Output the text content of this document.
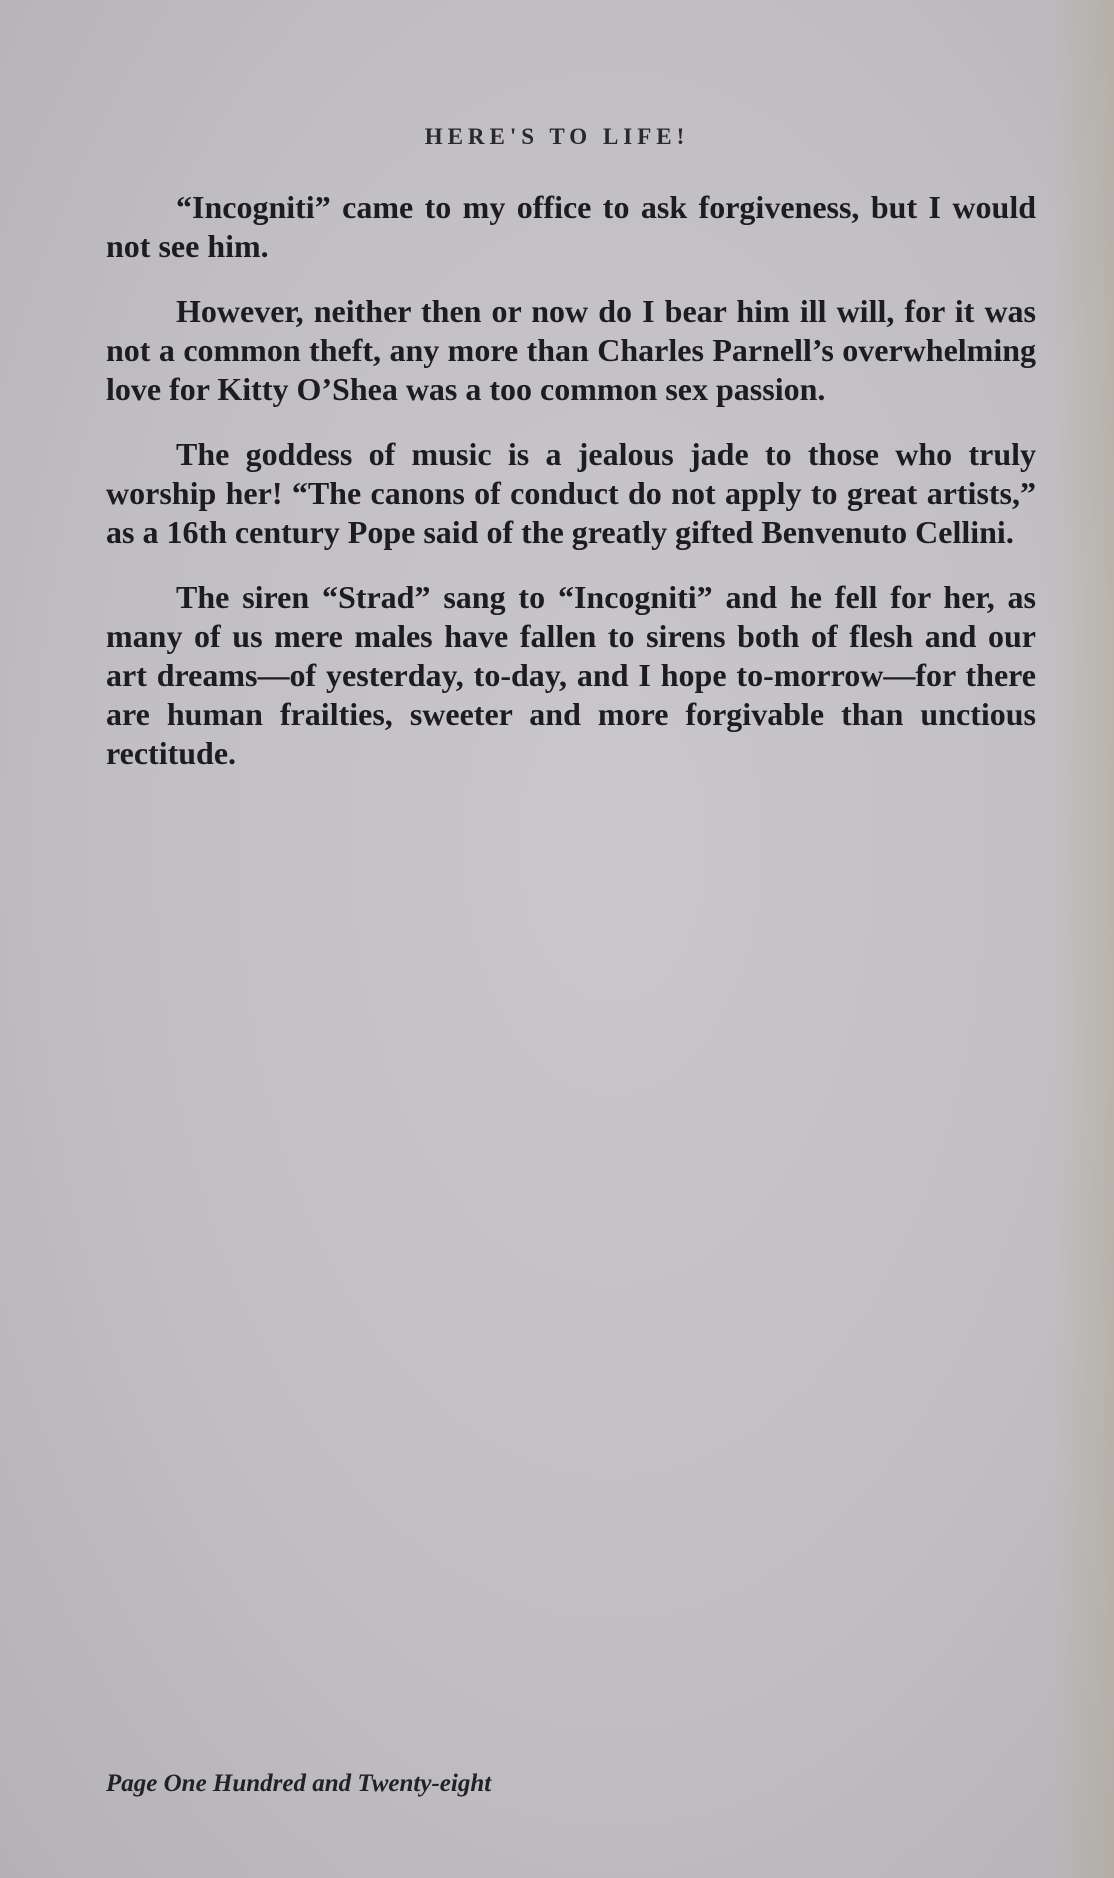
HERE'S TO LIFE!

“Incogniti” came to my office to ask forgiveness, but I would not see him.

However, neither then or now do I bear him ill will, for it was not a common theft, any more than Charles Parnell’s overwhelming love for Kitty O’Shea was a too common sex passion.

The goddess of music is a jealous jade to those who truly worship her! “The canons of conduct do not apply to great artists,” as a 16th century Pope said of the greatly gifted Benvenuto Cellini.

The siren “Strad” sang to “Incogniti” and he fell for her, as many of us mere males have fallen to sirens both of flesh and our art dreams—of yesterday, to-day, and I hope to-morrow—for there are human frailties, sweeter and more forgivable than unctious rectitude.

Page One Hundred and Twenty-eight
